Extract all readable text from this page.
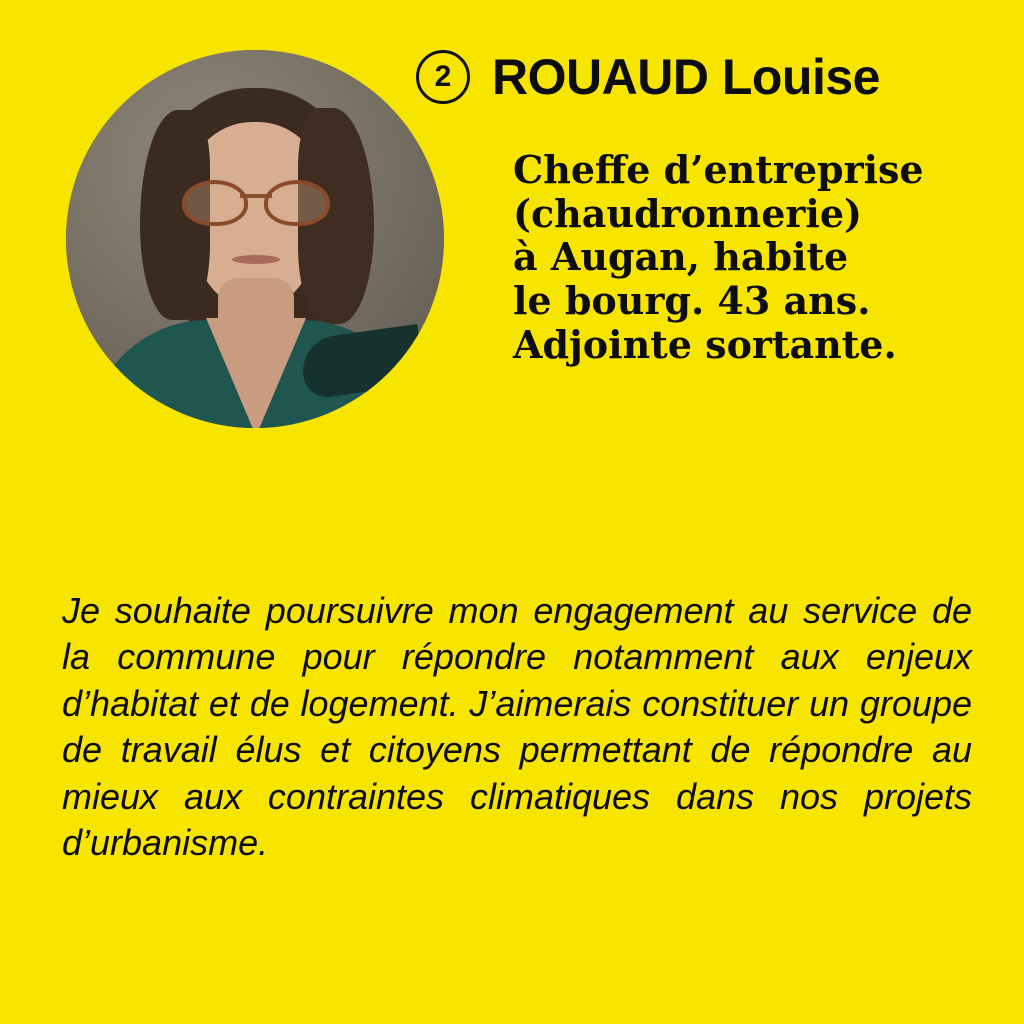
2 ROUAUD Louise
Cheffe d’entreprise
(chaudronnerie)
à Augan, habite
le bourg. 43 ans.
Adjointe sortante.

Je souhaite poursuivre mon engagement au service de la commune pour répondre notamment aux enjeux d’habitat et de logement. J’aimerais constituer un groupe de travail élus et citoyens permettant de répondre au mieux aux contraintes climatiques dans nos projets d’urbanisme.
